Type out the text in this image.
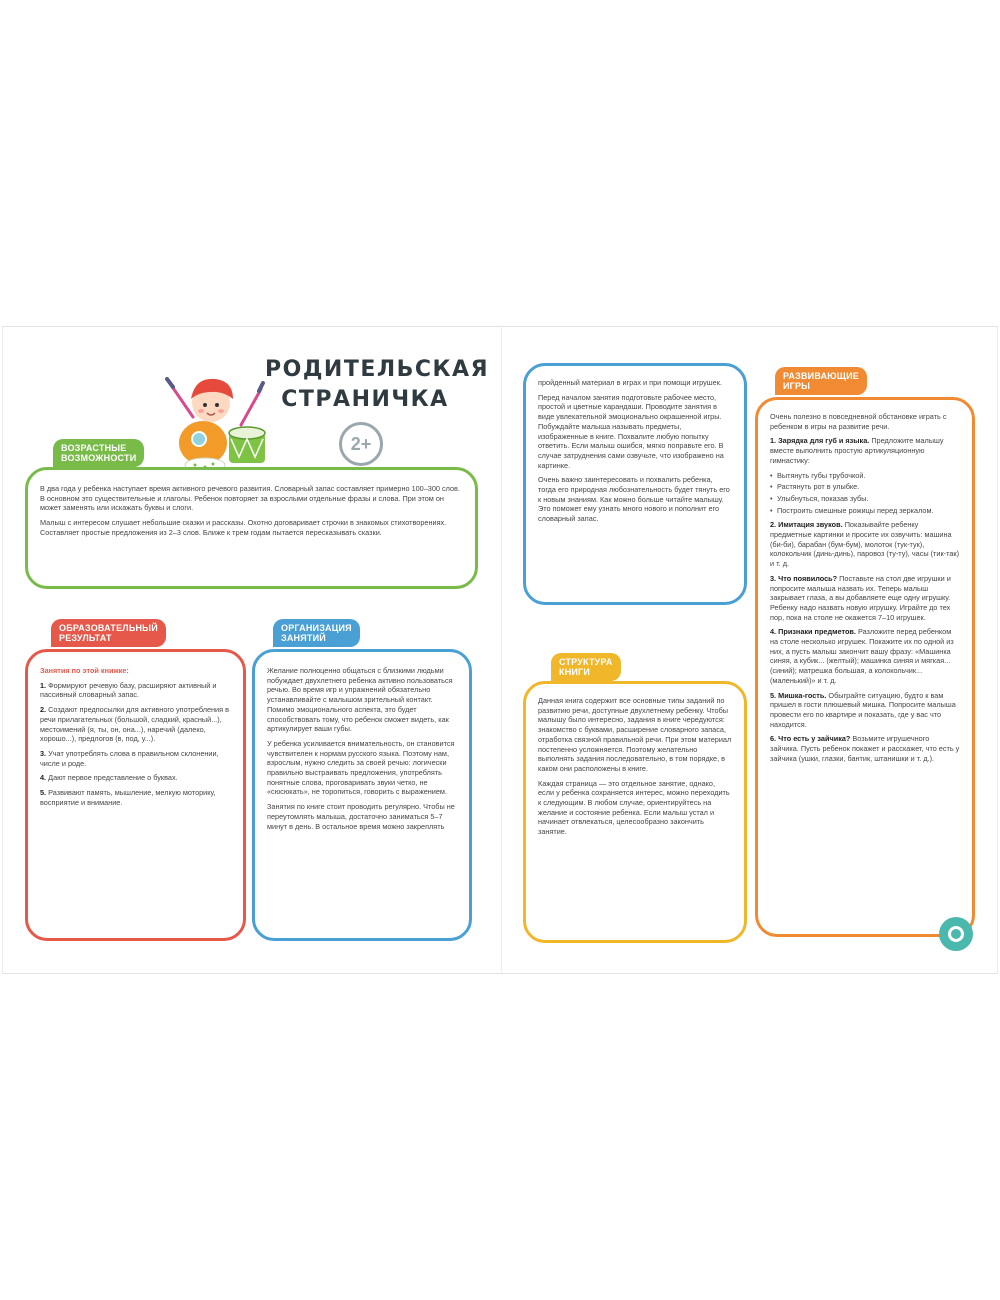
РОДИТЕЛЬСКАЯ
СТРАНИЧКА
2+
ВОЗРАСТНЫЕ
ВОЗМОЖНОСТИ

В два года у ребенка наступает время активного речевого развития. Словарный запас составляет примерно 100–300 слов. В основном это существительные и глаголы. Ребенок повторяет за взрослыми отдельные фразы и слова. При этом он может заменять или искажать буквы и слоги.

Малыш с интересом слушает небольшие сказки и рассказы. Охотно договаривает строчки в знакомых стихотворениях. Составляет простые предложения из 2–3 слов. Ближе к трем годам пытается пересказывать сказки.

ОБРАЗОВАТЕЛЬНЫЙ
РЕЗУЛЬТАТ

Занятия по этой книжке:

1. Формируют речевую базу, расширяют активный и пассивный словарный запас.
2. Создают предпосылки для активного употребления в речи прилагательных (большой, сладкий, красный...), местоимений (я, ты, он, она...), наречий (далеко, хорошо...), предлогов (в, под, у...).
3. Учат употреблять слова в правильном склонении, числе и роде.
4. Дают первое представление о буквах.
5. Развивают память, мышление, мелкую моторику, восприятие и внимание.
ОРГАНИЗАЦИЯ
ЗАНЯТИЙ

Желание полноценно общаться с близкими людьми побуждает двухлетнего ребенка активно пользоваться речью. Во время игр и упражнений обязательно устанавливайте с малышом зрительный контакт. Помимо эмоционального аспекта, это будет способствовать тому, что ребенок сможет видеть, как артикулирует ваши губы.

У ребенка усиливается внимательность, он становится чувствителен к нормам русского языка. Поэтому нам, взрослым, нужно следить за своей речью: логически правильно выстраивать предложения, употреблять понятные слова, проговаривать звуки четко, не «сюсюкать», не торопиться, говорить с выражением.

Занятия по книге стоит проводить регулярно. Чтобы не переутомлять малыша, достаточно заниматься 5–7 минут в день. В остальное время можно закреплять

пройденный материал в играх и при помощи игрушек.

Перед началом занятия подготовьте рабочее место, простой и цветные карандаши. Проводите занятия в виде увлекательной эмоционально окрашенной игры. Побуждайте малыша называть предметы, изображенные в книге. Похвалите любую попытку ответить. Если малыш ошибся, мягко поправьте его. В случае затруднения сами озвучьте, что изображено на картинке.

Очень важно заинтересовать и похвалить ребенка, тогда его природная любознательность будет тянуть его к новым знаниям. Как можно больше читайте малышу. Это поможет ему узнать много нового и пополнит его словарный запас.

СТРУКТУРА
КНИГИ

Данная книга содержит все основные типы заданий по развитию речи, доступные двухлетнему ребенку. Чтобы малышу было интересно, задания в книге чередуются: знакомство с буквами, расширение словарного запаса, отработка связной правильной речи. При этом материал постепенно усложняется. Поэтому желательно выполнять задания последовательно, в том порядке, в каком они расположены в книге.

Каждая страница — это отдельное занятие, однако, если у ребенка сохраняется интерес, можно переходить к следующим. В любом случае, ориентируйтесь на желание и состояние ребенка. Если малыш устал и начинает отвлекаться, целесообразно закончить занятие.

РАЗВИВАЮЩИЕ
ИГРЫ

Очень полезно в повседневной обстановке играть с ребенком в игры на развитие речи.

1. Зарядка для губ и языка. Предложите малышу вместе выполнить простую артикуляционную гимнастику:

• Вытянуть губы трубочкой.
• Растянуть рот в улыбке.
• Улыбнуться, показав зубы.
• Построить смешные рожицы перед зеркалом.

2. Имитация звуков. Показывайте ребенку предметные картинки и просите их озвучить: машина (би-би), барабан (бум-бум), молоток (тук-тук), колокольчик (динь-динь), паровоз (ту-ту), часы (тик-так) и т. д.

3. Что появилось? Поставьте на стол две игрушки и попросите малыша назвать их. Теперь малыш закрывает глаза, а вы добавляете еще одну игрушку. Ребенку надо назвать новую игрушку. Играйте до тех пор, пока на столе не окажется 7–10 игрушек.

4. Признаки предметов. Разложите перед ребенком на столе несколько игрушек. Покажите их по одной из них, а пусть малыш закончит вашу фразу: «Машинка синяя, а кубик... (желтый); машинка синяя и мягкая... (синий); матрешка большая, а колокольчик... (маленький)» и т. д.

5. Мишка-гость. Обыграйте ситуацию, будто к вам пришел в гости плюшевый мишка. Попросите малыша провести его по квартире и показать, где у вас что находится.

6. Что есть у зайчика? Возьмите игрушечного зайчика. Пусть ребенок покажет и расскажет, что есть у зайчика (ушки, глазки, бантик, штанишки и т. д.).
